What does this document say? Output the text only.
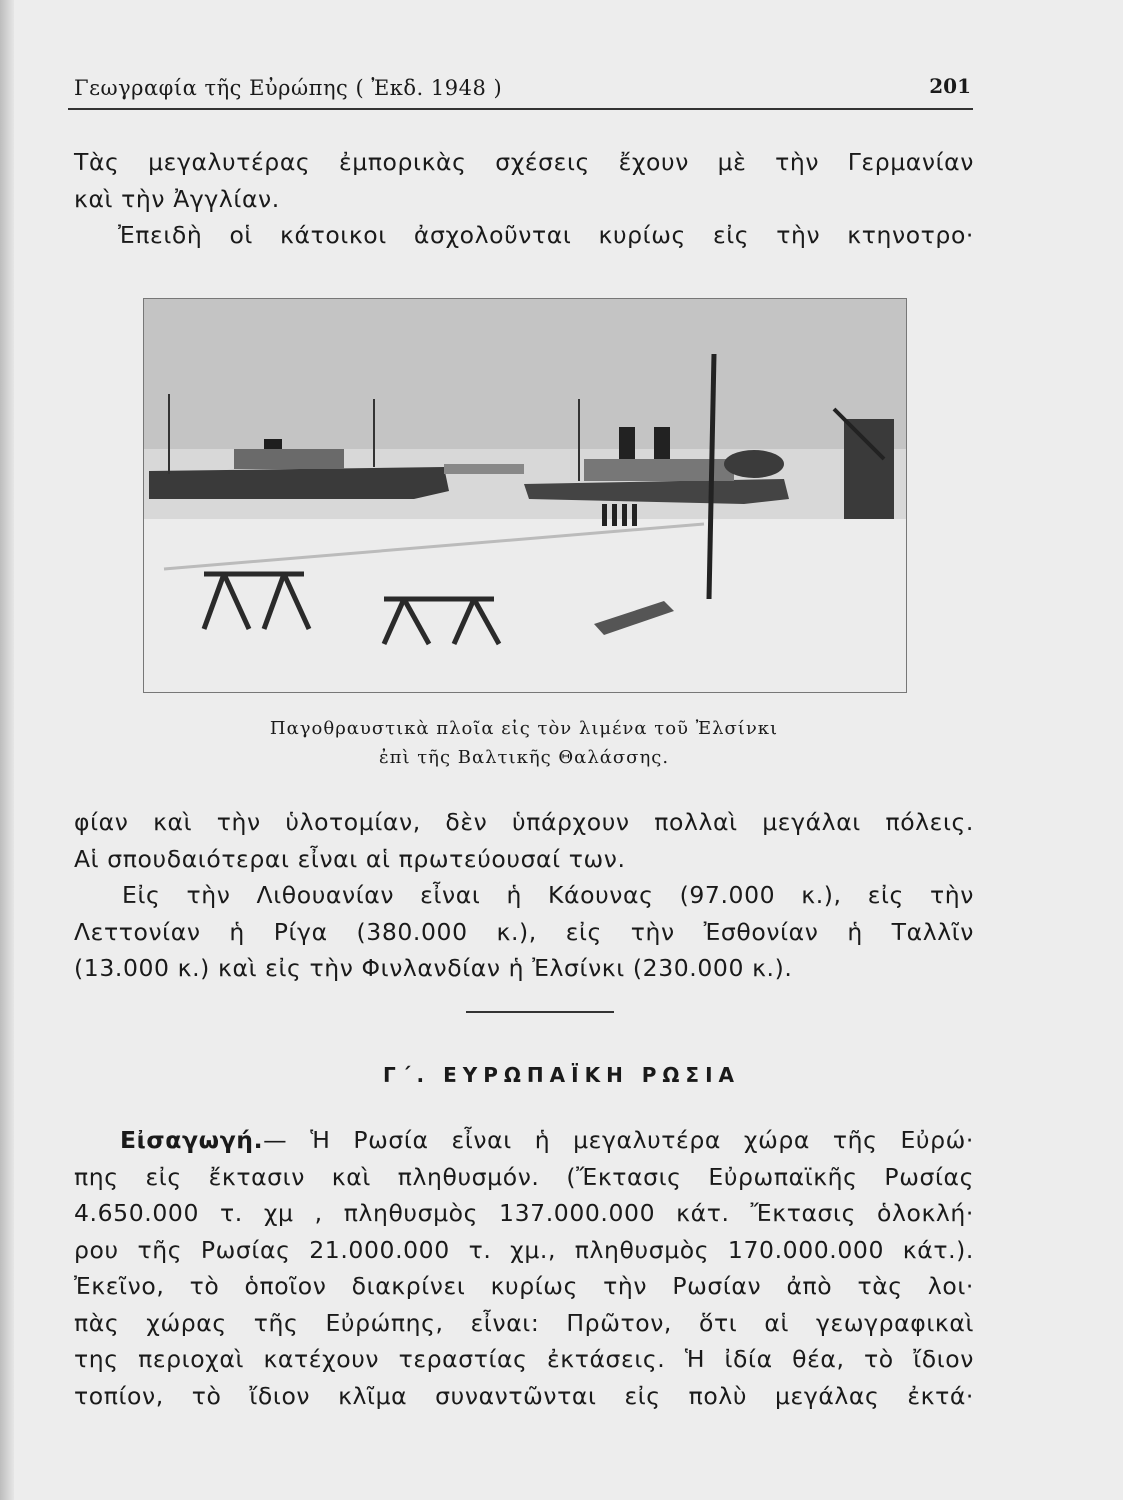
Γεωγραφία τῆς Εὐρώπης ( Ἐκδ. 1948 )	201
Τὰς μεγαλυτέρας ἐμπορικὰς σχέσεις ἔχουν μὲ τὴν Γερμανίαν
καὶ τὴν Ἀγγλίαν.
Ἐπειδὴ οἱ κάτοικοι ἀσχολοῦνται κυρίως εἰς τὴν κτηνοτρο·
Παγοθραυστικὰ πλοῖα εἰς τὸν λιμένα τοῦ Ἐλσίνκι
ἐπὶ τῆς Βαλτικῆς Θαλάσσης.
φίαν καὶ τὴν ὑλοτομίαν, δὲν ὑπάρχουν πολλαὶ μεγάλαι πόλεις.
Αἱ σπουδαιότεραι εἶναι αἱ πρωτεύουσαί των.
Εἰς τὴν Λιθουανίαν εἶναι ἡ Κάουνας (97.000 κ.), εἰς τὴν
Λεττονίαν ἡ Ρίγα (380.000 κ.), εἰς τὴν Ἐσθονίαν ἡ Ταλλῖν
(13.000 κ.) καὶ εἰς τὴν Φινλανδίαν ἡ Ἐλσίνκι (230.000 κ.).
Γ΄. ΕΥΡΩΠΑΪΚΗ ΡΩΣΙΑ
Εἰσαγωγή.— Ἡ Ρωσία εἶναι ἡ μεγαλυτέρα χώρα τῆς Εὐρώ·
πης εἰς ἔκτασιν καὶ πληθυσμόν. (Ἔκτασις Εὐρωπαϊκῆς Ρωσίας
4.650.000 τ. χμ , πληθυσμὸς 137.000.000 κάτ. Ἔκτασις ὁλοκλή·
ρου τῆς Ρωσίας 21.000.000 τ. χμ., πληθυσμὸς 170.000.000 κάτ.).
Ἐκεῖνο, τὸ ὁποῖον διακρίνει κυρίως τὴν Ρωσίαν ἀπὸ τὰς λοι·
πὰς χώρας τῆς Εὐρώπης, εἶναι: Πρῶτον, ὅτι αἱ γεωγραφικαὶ
της περιοχαὶ κατέχουν τεραστίας ἐκτάσεις. Ἡ ἰδία θέα, τὸ ἴδιον
τοπίον, τὸ ἴδιον κλῖμα συναντῶνται εἰς πολὺ μεγάλας ἐκτά·
